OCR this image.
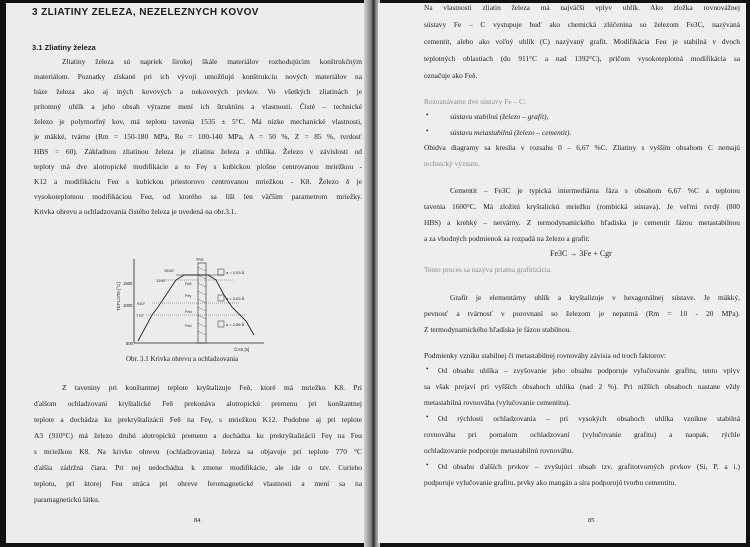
3 ZLIATINY ŽELEZA, NEŽELEZNÝCH KOVOV
3.1 Zliatiny železa
Zliatiny železa sú napriek širokej škále materiálov rozhodujúcim konštrukčným
materiálom. Poznatky získané pri ich vývoji umožňujú konštrukciu nových materiálov na
báze železa ako aj iných kovových a nekovových prvkov. Vo všetkých zliatinách je
prítomný uhlík a jeho obsah výrazne mení ich štruktúru a vlastnosti. Čisté – technické
železo je polymorfný kov, má teplotu tavenia 1535 ± 5°C. Má nízke mechanické vlastnosti,
je mäkké, tvárne (Rm = 150-180 MPa, Re = 100-140 MPa, A = 50 %, Z = 85 %, tvrdosť
HBS = 60). Základnou zliatinou železa je zliatina železa a uhlíka. Železo v závislosti od
teploty má dve alotropické modifikácie a to Feγ s kubickou plošne centrovanou mriežkou -
K12 a modifikáciu Feα s kubickou priestorovo centrovanou mriežkou - K8. Železo δ je
vysokoteplotnou modifikáciou Feα, od ktorého sa líši len väčším parametrom mriežky.
Krivka ohrevu a ochladzovania čistého železa je uvedená na obr.3.1.
TEPLOTA [°C] 1500
1000
500
ČAS [s]
TAV.
1534°
1390°
910°
770°
Feδ
Feγ
Feα
Feα
a = 2,93 Å
a = 3,63 Å
a = 2,86 Å
Obr. 3.1 Krivka ohrevu a ochladzovania
Z taveniny pri konštantnej teplote kryštalizuje Feδ, ktoré má mriežku K8. Pri
ďalšom ochladzovaní kryštalické Feδ prekonáva alotropickú premenu pri konštantnej
teplote a dochádza ku prekryštalizácii Feδ na Feγ, s mriežkou K12. Podobne aj pri teplote
A3 (910°C) má železo druhú alotropickú premenu a dochádza ku prekryštalizácii Feγ na Feα
s mriežkou K8. Na krivke ohrevu (ochladzovania) železa sa objavuje pri teplote 770 °C
ďalšia zádržná čiara. Pri nej nedochádza k zmene modifikácie, ale ide o tzv. Curieho
teplotu, pri ktorej Feα stráca pri ohreve feromagnetické vlastnosti a mení sa na
paramagnetickú látku.
84
Na vlastnosti zliatin železa má najväčší vplyv uhlík. Ako zložka rovnovážnej
sústavy Fe – C vystupuje buď ako chemická zlúčenina so železom Fe3C, nazývaná
cementit, alebo ako voľný uhlík (C) nazývaný grafit. Modifikácia Feα je stabilná v dvoch
teplotných oblastiach (do 911°C a nad 1392°C), pričom vysokoteplotná modifikácia sa
označuje ako Feδ.
Rozoznávame dve sústavy Fe – C:
•	sústavu stabilnú (železo – grafit),
•	sústavu metastabilnú (železo – cementit).
Obidva diagramy sa kreslia v rozsahu 0 – 6,67 %C. Zliatiny s vyšším obsahom C nemajú
technický význam.
Cementit – Fe3C je typická intermediárna fáza s obsahom 6,67 %C a teplotou
tavenia 1600°C. Má zložitú kryštalickú mriežku (rombická sústava). Je veľmi tvrdý (800
HBS) a krehký – netvárny. Z termodynamického hľadiska je cementit fázou metastabilnou
a za vhodných podmienok sa rozpadá na železo a grafit:
Fe3C → 3Fe + Cgr
Tento proces sa nazýva priama grafitizácia.
Grafit je elementárny uhlík a kryštalizuje v hexagonálnej sústave. Je mäkký,
pevnosť a tvárnosť v porovnaní so železom je nepatrná (Rm = 10 - 20 MPa).
Z termodynamického hľadiska je fázou stabilnou.
Podmienky vzniku stabilnej či metastabilnej rovnováhy závisia od troch faktorov:
• Od obsahu uhlíka – zvyšovanie jeho obsahu podporuje vylučovanie grafitu, tento vplyv
sa však prejaví pri vyšších obsahoch uhlíka (nad 2 %). Pri nižších obsahoch nastane vždy
metastabilná rovnováha (vylučovanie cementitu).
• Od rýchlosti ochladzovania – pri vysokých obsahoch uhlíka vznikne stabilná
rovnováha pri pomalom ochladzovaní (vylučovanie grafitu) a naopak, rýchle
ochladzovanie podporuje metastabilnú rovnováhu.
• Od obsahu ďalších prvkov – zvyšujúci obsah tzv. grafitotvorných prvkov (Si, P, a i.)
podporuje vylučovanie grafitu, prvky ako mangán a síra podporujú tvorbu cementitu.
85
